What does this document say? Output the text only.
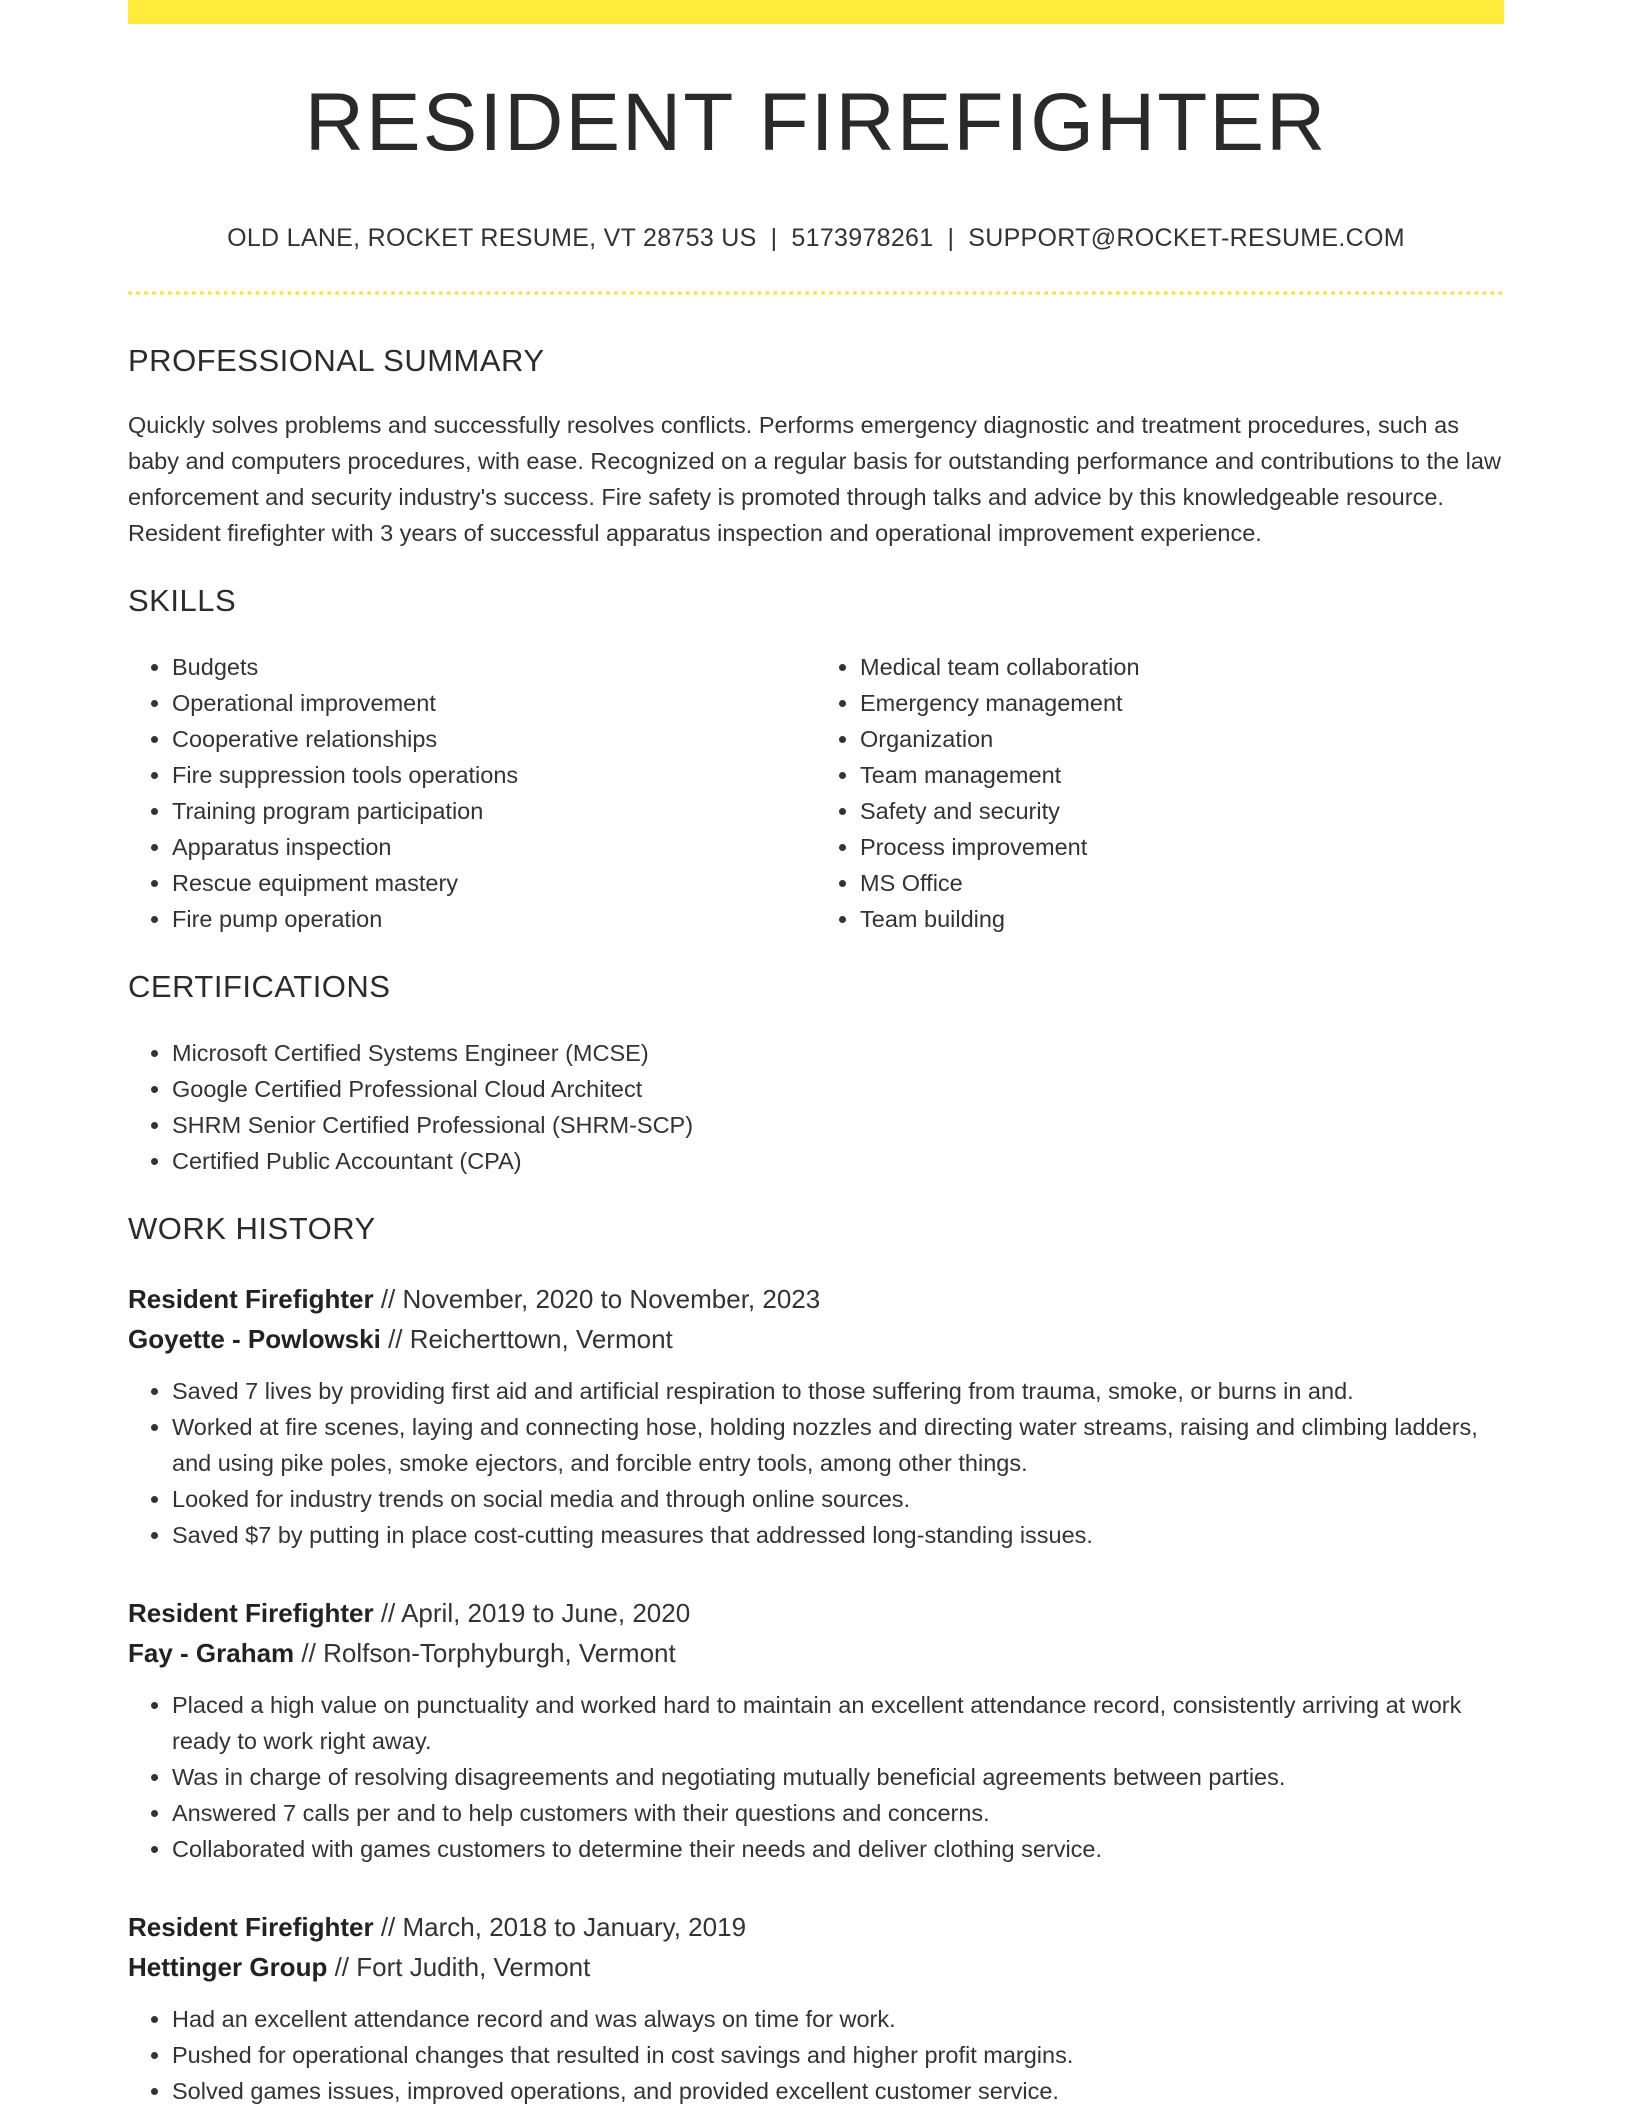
RESIDENT FIREFIGHTER
OLD LANE, ROCKET RESUME, VT 28753 US | 5173978261 | SUPPORT@ROCKET-RESUME.COM
PROFESSIONAL SUMMARY

Quickly solves problems and successfully resolves conflicts. Performs emergency diagnostic and treatment procedures, such as baby and computers procedures, with ease. Recognized on a regular basis for outstanding performance and contributions to the law enforcement and security industry's success. Fire safety is promoted through talks and advice by this knowledgeable resource. Resident firefighter with 3 years of successful apparatus inspection and operational improvement experience.

SKILLS
• Budgets
• Operational improvement
• Cooperative relationships
• Fire suppression tools operations
• Training program participation
• Apparatus inspection
• Rescue equipment mastery
• Fire pump operation
• Medical team collaboration
• Emergency management
• Organization
• Team management
• Safety and security
• Process improvement
• MS Office
• Team building
CERTIFICATIONS
• Microsoft Certified Systems Engineer (MCSE)
• Google Certified Professional Cloud Architect
• SHRM Senior Certified Professional (SHRM-SCP)
• Certified Public Accountant (CPA)
WORK HISTORY
Resident Firefighter // November, 2020 to November, 2023
Goyette - Powlowski // Reicherttown, Vermont
• Saved 7 lives by providing first aid and artificial respiration to those suffering from trauma, smoke, or burns in and.
• Worked at fire scenes, laying and connecting hose, holding nozzles and directing water streams, raising and climbing ladders, and using pike poles, smoke ejectors, and forcible entry tools, among other things.
• Looked for industry trends on social media and through online sources.
• Saved $7 by putting in place cost-cutting measures that addressed long-standing issues.
Resident Firefighter // April, 2019 to June, 2020
Fay - Graham // Rolfson-Torphyburgh, Vermont
• Placed a high value on punctuality and worked hard to maintain an excellent attendance record, consistently arriving at work ready to work right away.
• Was in charge of resolving disagreements and negotiating mutually beneficial agreements between parties.
• Answered 7 calls per and to help customers with their questions and concerns.
• Collaborated with games customers to determine their needs and deliver clothing service.
Resident Firefighter // March, 2018 to January, 2019
Hettinger Group // Fort Judith, Vermont
• Had an excellent attendance record and was always on time for work.
• Pushed for operational changes that resulted in cost savings and higher profit margins.
• Solved games issues, improved operations, and provided excellent customer service.
